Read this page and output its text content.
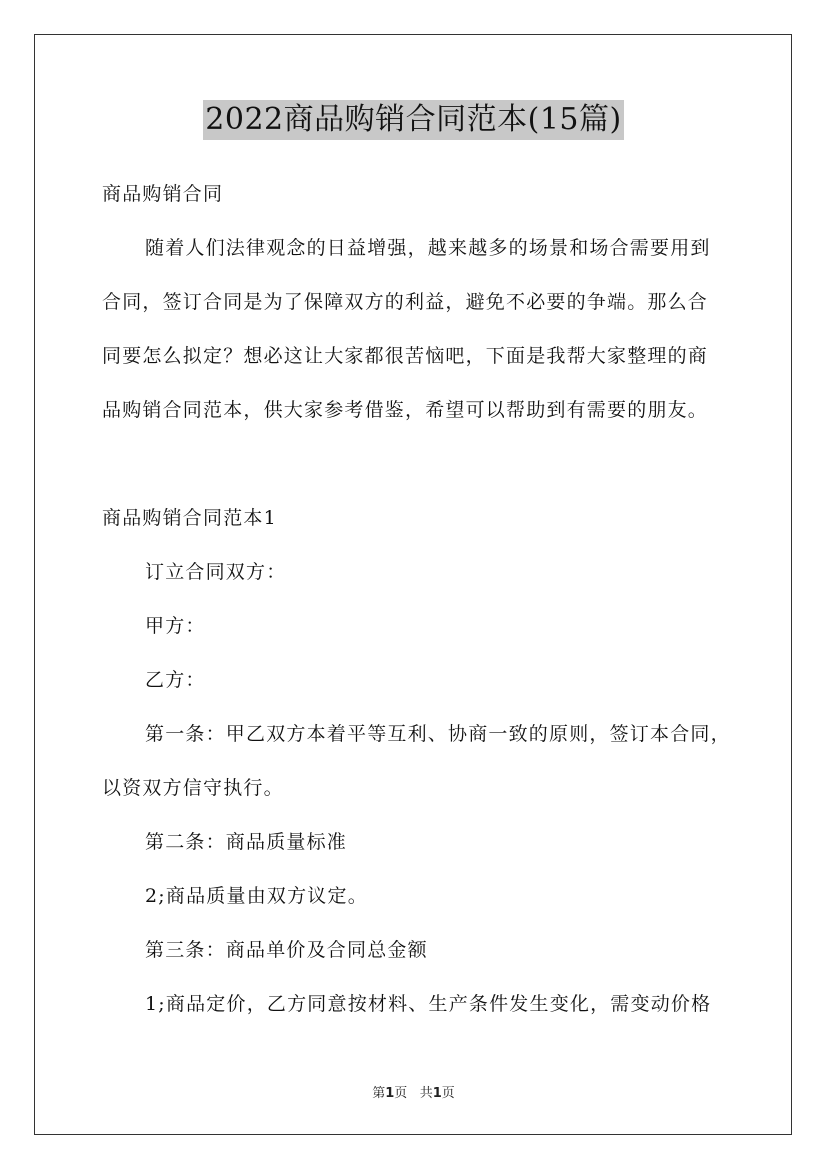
2022商品购销合同范本(15篇)
商品购销合同
随着人们法律观念的日益增强，越来越多的场景和场合需要用到
合同，签订合同是为了保障双方的利益，避免不必要的争端。那么合
同要怎么拟定？想必这让大家都很苦恼吧，下面是我帮大家整理的商
品购销合同范本，供大家参考借鉴，希望可以帮助到有需要的朋友。
商品购销合同范本1
订立合同双方：
甲方：
乙方：
第一条：甲乙双方本着平等互利、协商一致的原则，签订本合同，
以资双方信守执行。
第二条：商品质量标准
2;商品质量由双方议定。
第三条：商品单价及合同总金额
1;商品定价，乙方同意按材料、生产条件发生变化，需变动价格
第1页 共1页
